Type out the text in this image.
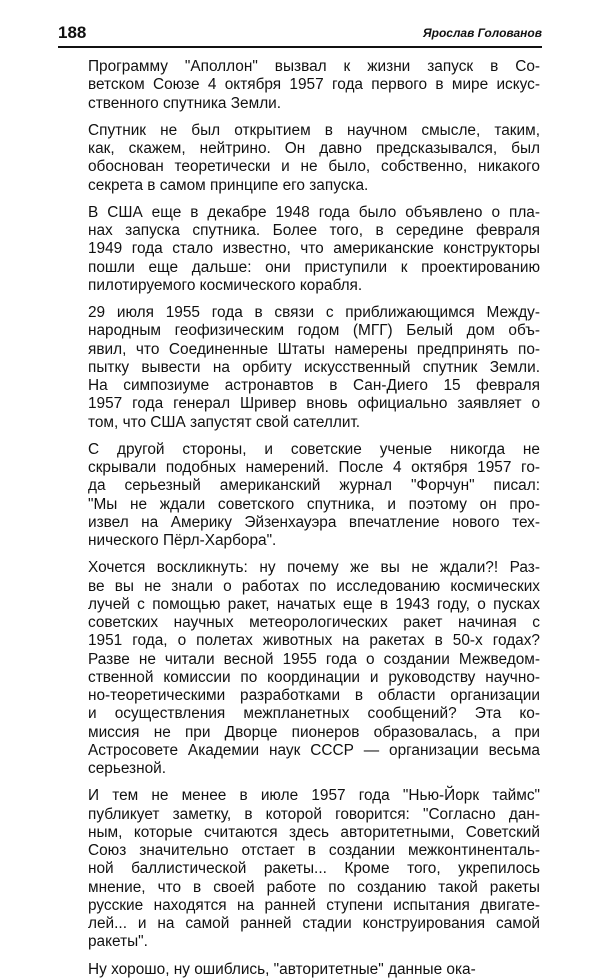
188	Ярослав Голованов
Программу "Аполлон" вызвал к жизни запуск в Со-
ветском Союзе 4 октября 1957 года первого в мире искус-
ственного спутника Земли.
Спутник не был открытием в научном смысле, таким,
как, скажем, нейтрино. Он давно предсказывался, был
обоснован теоретически и не было, собственно, никакого
секрета в самом принципе его запуска.
В США еще в декабре 1948 года было объявлено о пла-
нах запуска спутника. Более того, в середине февраля
1949 года стало известно, что американские конструкторы
пошли еще дальше: они приступили к проектированию
пилотируемого космического корабля.
29 июля 1955 года в связи с приближающимся Между-
народным геофизическим годом (МГГ) Белый дом объ-
явил, что Соединенные Штаты намерены предпринять по-
пытку вывести на орбиту искусственный спутник Земли.
На симпозиуме астронавтов в Сан-Диего 15 февраля
1957 года генерал Шривер вновь официально заявляет о
том, что США запустят свой сателлит.
С другой стороны, и советские ученые никогда не
скрывали подобных намерений. После 4 октября 1957 го-
да серьезный американский журнал "Форчун" писал:
"Мы не ждали советского спутника, и поэтому он про-
извел на Америку Эйзенхауэра впечатление нового тех-
нического Пёрл-Харбора".
Хочется воскликнуть: ну почему же вы не ждали?! Раз-
ве вы не знали о работах по исследованию космических
лучей с помощью ракет, начатых еще в 1943 году, о пусках
советских научных метеорологических ракет начиная с
1951 года, о полетах животных на ракетах в 50-х годах?
Разве не читали весной 1955 года о создании Межведом-
ственной комиссии по координации и руководству научно-
но-теоретическими разработками в области организации
и осуществления межпланетных сообщений? Эта ко-
миссия не при Дворце пионеров образовалась, а при
Астросовете Академии наук СССР — организации весьма
серьезной.
И тем не менее в июле 1957 года "Нью-Йорк таймс"
публикует заметку, в которой говорится: "Согласно дан-
ным, которые считаются здесь авторитетными, Советский
Союз значительно отстает в создании межконтиненталь-
ной баллистической ракеты... Кроме того, укрепилось
мнение, что в своей работе по созданию такой ракеты
русские находятся на ранней ступени испытания двигате-
лей... и на самой ранней стадии конструирования самой
ракеты".
Ну хорошо, ну ошиблись, "авторитетные" данные ока-
